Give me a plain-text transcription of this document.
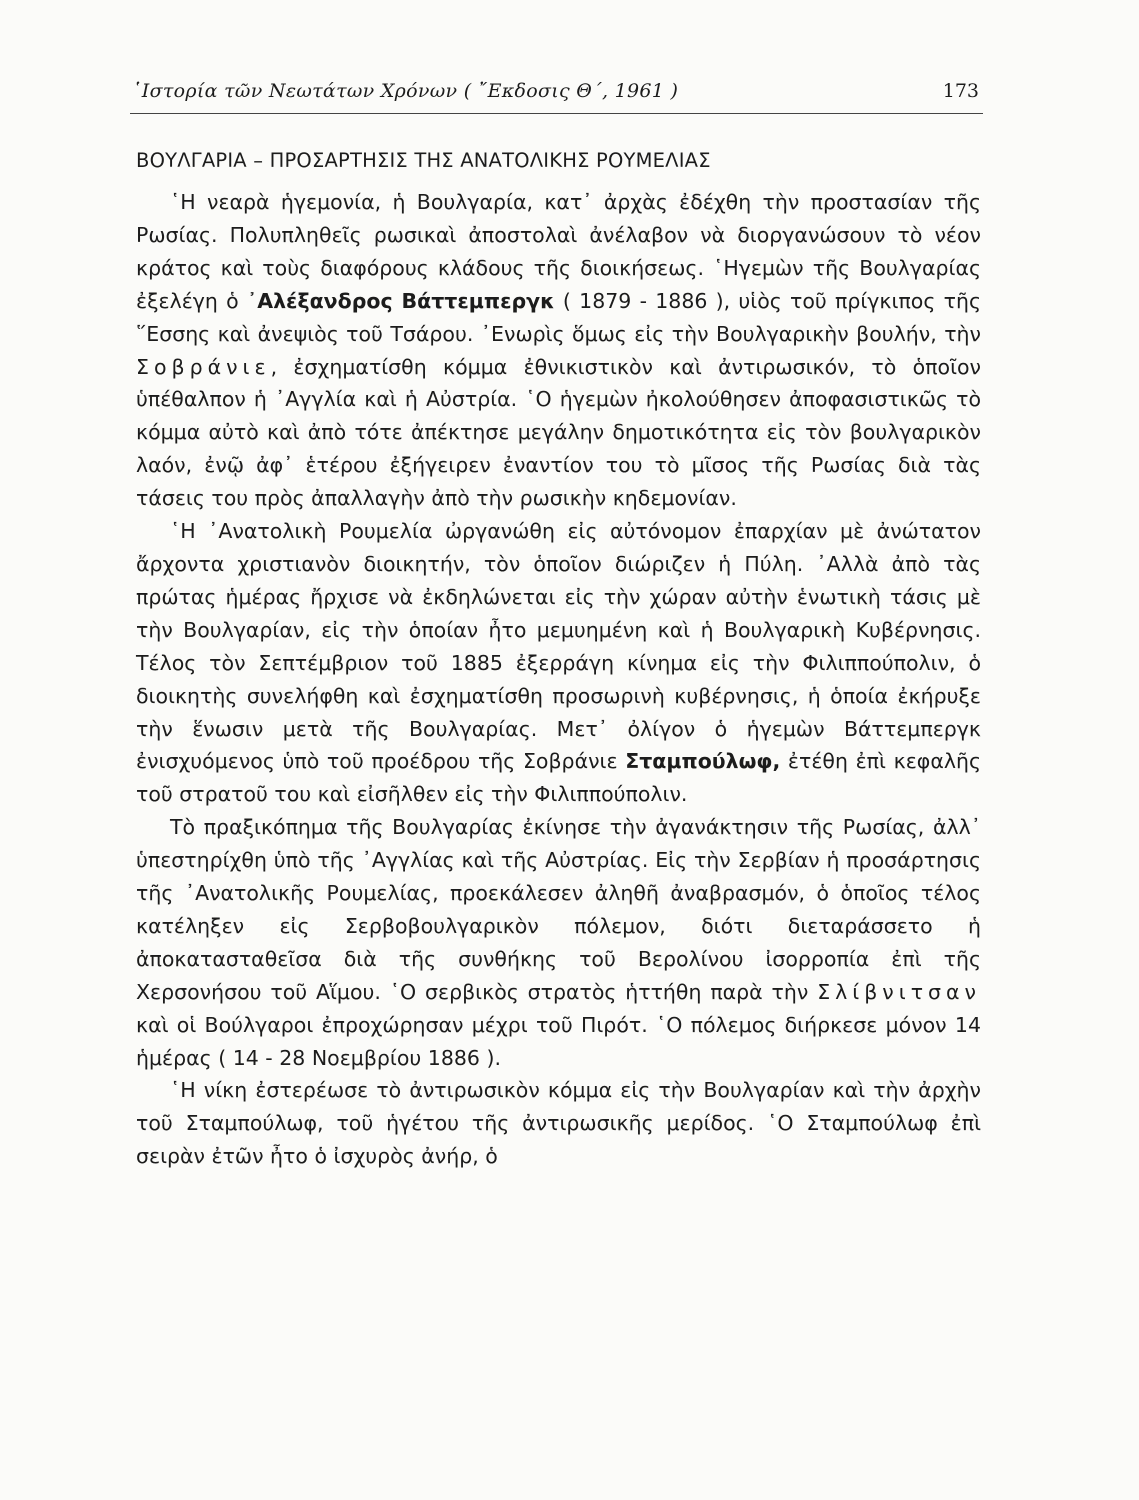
῾Ιστορία τῶν Νεωτάτων Χρόνων ( ῎Εκδοσις Θ΄, 1961 )	173
ΒΟΥΛΓΑΡΙΑ – ΠΡΟΣΑΡΤΗΣΙΣ ΤΗΣ ΑΝΑΤΟΛΙΚΗΣ ΡΟΥΜΕΛΙΑΣ

῾Η νεαρὰ ἡγεμονία, ἡ Βουλγαρία, κατ᾽ ἀρχὰς ἐδέχθη τὴν προστασίαν τῆς Ρωσίας. Πολυπληθεῖς ρωσικαὶ ἀποστολαὶ ἀνέλαβον νὰ διοργανώσουν τὸ νέον κράτος καὶ τοὺς διαφόρους κλάδους τῆς διοικήσεως. ῾Ηγεμὼν τῆς Βουλγαρίας ἐξελέγη ὁ ᾽Αλέξανδρος Βάττεμπεργκ ( 1879 - 1886 ), υἱὸς τοῦ πρίγκιπος τῆς ῞Εσσης καὶ ἀνεψιὸς τοῦ Τσάρου. ᾽Ενωρὶς ὅμως εἰς τὴν Βουλγαρικὴν βουλήν, τὴν Σοβράνιε, ἐσχηματίσθη κόμμα ἐθνικιστικὸν καὶ ἀντιρωσικόν, τὸ ὁποῖον ὑπέθαλπον ἡ ᾽Αγγλία καὶ ἡ Αὐστρία. ῾Ο ἡγεμὼν ἠκολούθησεν ἀποφασιστικῶς τὸ κόμμα αὐτὸ καὶ ἀπὸ τότε ἀπέκτησε μεγάλην δημοτικότητα εἰς τὸν βουλγαρικὸν λαόν, ἐνῷ ἀφ᾽ ἑτέρου ἐξήγειρεν ἐναντίον του τὸ μῖσος τῆς Ρωσίας διὰ τὰς τάσεις του πρὸς ἀπαλλαγὴν ἀπὸ τὴν ρωσικὴν κηδεμονίαν.

῾Η ᾽Ανατολικὴ Ρουμελία ὠργανώθη εἰς αὐτόνομον ἐπαρχίαν μὲ ἀνώτατον ἄρχοντα χριστιανὸν διοικητήν, τὸν ὁποῖον διώριζεν ἡ Πύλη. ᾽Αλλὰ ἀπὸ τὰς πρώτας ἡμέρας ἤρχισε νὰ ἐκδηλώνεται εἰς τὴν χώραν αὐτὴν ἑνωτικὴ τάσις μὲ τὴν Βουλγαρίαν, εἰς τὴν ὁποίαν ἦτο μεμυημένη καὶ ἡ Βουλγαρικὴ Κυβέρνησις. Τέλος τὸν Σεπτέμβριον τοῦ 1885 ἐξερράγη κίνημα εἰς τὴν Φιλιππούπολιν, ὁ διοικητὴς συνελήφθη καὶ ἐσχηματίσθη προσωρινὴ κυβέρνησις, ἡ ὁποία ἐκήρυξε τὴν ἕνωσιν μετὰ τῆς Βουλγαρίας. Μετ᾽ ὀλίγον ὁ ἡγεμὼν Βάττεμπεργκ ἐνισχυόμενος ὑπὸ τοῦ προέδρου τῆς Σοβράνιε Σταμπούλωφ, ἐτέθη ἐπὶ κεφαλῆς τοῦ στρατοῦ του καὶ εἰσῆλθεν εἰς τὴν Φιλιππούπολιν.

Τὸ πραξικόπημα τῆς Βουλγαρίας ἐκίνησε τὴν ἀγανάκτησιν τῆς Ρωσίας, ἀλλ᾽ ὑπεστηρίχθη ὑπὸ τῆς ᾽Αγγλίας καὶ τῆς Αὐστρίας. Εἰς τὴν Σερβίαν ἡ προσάρτησις τῆς ᾽Ανατολικῆς Ρουμελίας, προεκάλεσεν ἀληθῆ ἀναβρασμόν, ὁ ὁποῖος τέλος κατέληξεν εἰς Σερβοβουλγαρικὸν πόλεμον, διότι διεταράσσετο ἡ ἀποκατασταθεῖσα διὰ τῆς συνθήκης τοῦ Βερολίνου ἰσορροπία ἐπὶ τῆς Χερσονήσου τοῦ Αἵμου. ῾Ο σερβικὸς στρατὸς ἡττήθη παρὰ τὴν Σλίβνιτσαν καὶ οἱ Βούλγαροι ἐπροχώρησαν μέχρι τοῦ Πιρότ. ῾Ο πόλεμος διήρκεσε μόνον 14 ἡμέρας ( 14 - 28 Νοεμβρίου 1886 ).

῾Η νίκη ἐστερέωσε τὸ ἀντιρωσικὸν κόμμα εἰς τὴν Βουλγαρίαν καὶ τὴν ἀρχὴν τοῦ Σταμπούλωφ, τοῦ ἡγέτου τῆς ἀντιρωσικῆς μερίδος. ῾Ο Σταμπούλωφ ἐπὶ σειρὰν ἐτῶν ἦτο ὁ ἰσχυρὸς ἀνήρ, ὁ
